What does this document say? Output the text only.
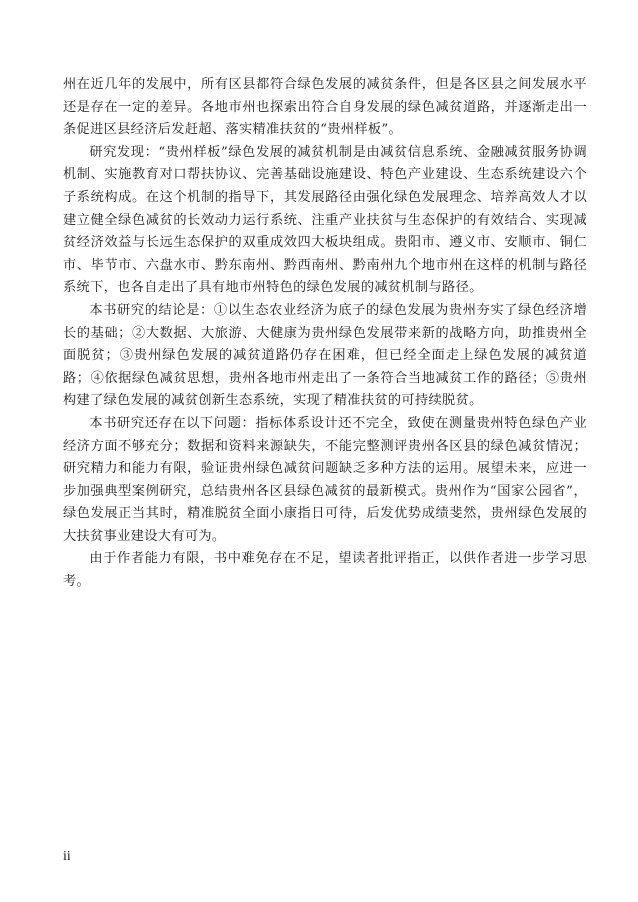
州在近几年的发展中，所有区县都符合绿色发展的减贫条件，但是各区县之间发展水平还是存在一定的差异。各地市州也探索出符合自身发展的绿色减贫道路，并逐渐走出一条促进区县经济后发赶超、落实精准扶贫的“贵州样板”。

研究发现：“贵州样板”绿色发展的减贫机制是由减贫信息系统、金融减贫服务协调机制、实施教育对口帮扶协议、完善基础设施建设、特色产业建设、生态系统建设六个子系统构成。在这个机制的指导下，其发展路径由强化绿色发展理念、培养高效人才以建立健全绿色减贫的长效动力运行系统、注重产业扶贫与生态保护的有效结合、实现减贫经济效益与长远生态保护的双重成效四大板块组成。贵阳市、遵义市、安顺市、铜仁市、毕节市、六盘水市、黔东南州、黔西南州、黔南州九个地市州在这样的机制与路径系统下，也各自走出了具有地市州特色的绿色发展的减贫机制与路径。

本书研究的结论是：①以生态农业经济为底子的绿色发展为贵州夯实了绿色经济增长的基础；②大数据、大旅游、大健康为贵州绿色发展带来新的战略方向，助推贵州全面脱贫；③贵州绿色发展的减贫道路仍存在困难，但已经全面走上绿色发展的减贫道路；④依据绿色减贫思想，贵州各地市州走出了一条符合当地减贫工作的路径；⑤贵州构建了绿色发展的减贫创新生态系统，实现了精准扶贫的可持续脱贫。

本书研究还存在以下问题：指标体系设计还不完全，致使在测量贵州特色绿色产业经济方面不够充分；数据和资料来源缺失，不能完整测评贵州各区县的绿色减贫情况；研究精力和能力有限，验证贵州绿色减贫问题缺乏多种方法的运用。展望未来，应进一步加强典型案例研究，总结贵州各区县绿色减贫的最新模式。贵州作为“国家公园省”，绿色发展正当其时，精准脱贫全面小康指日可待，后发优势成绩斐然，贵州绿色发展的大扶贫事业建设大有可为。

由于作者能力有限，书中难免存在不足，望读者批评指正，以供作者进一步学习思考。

ii
